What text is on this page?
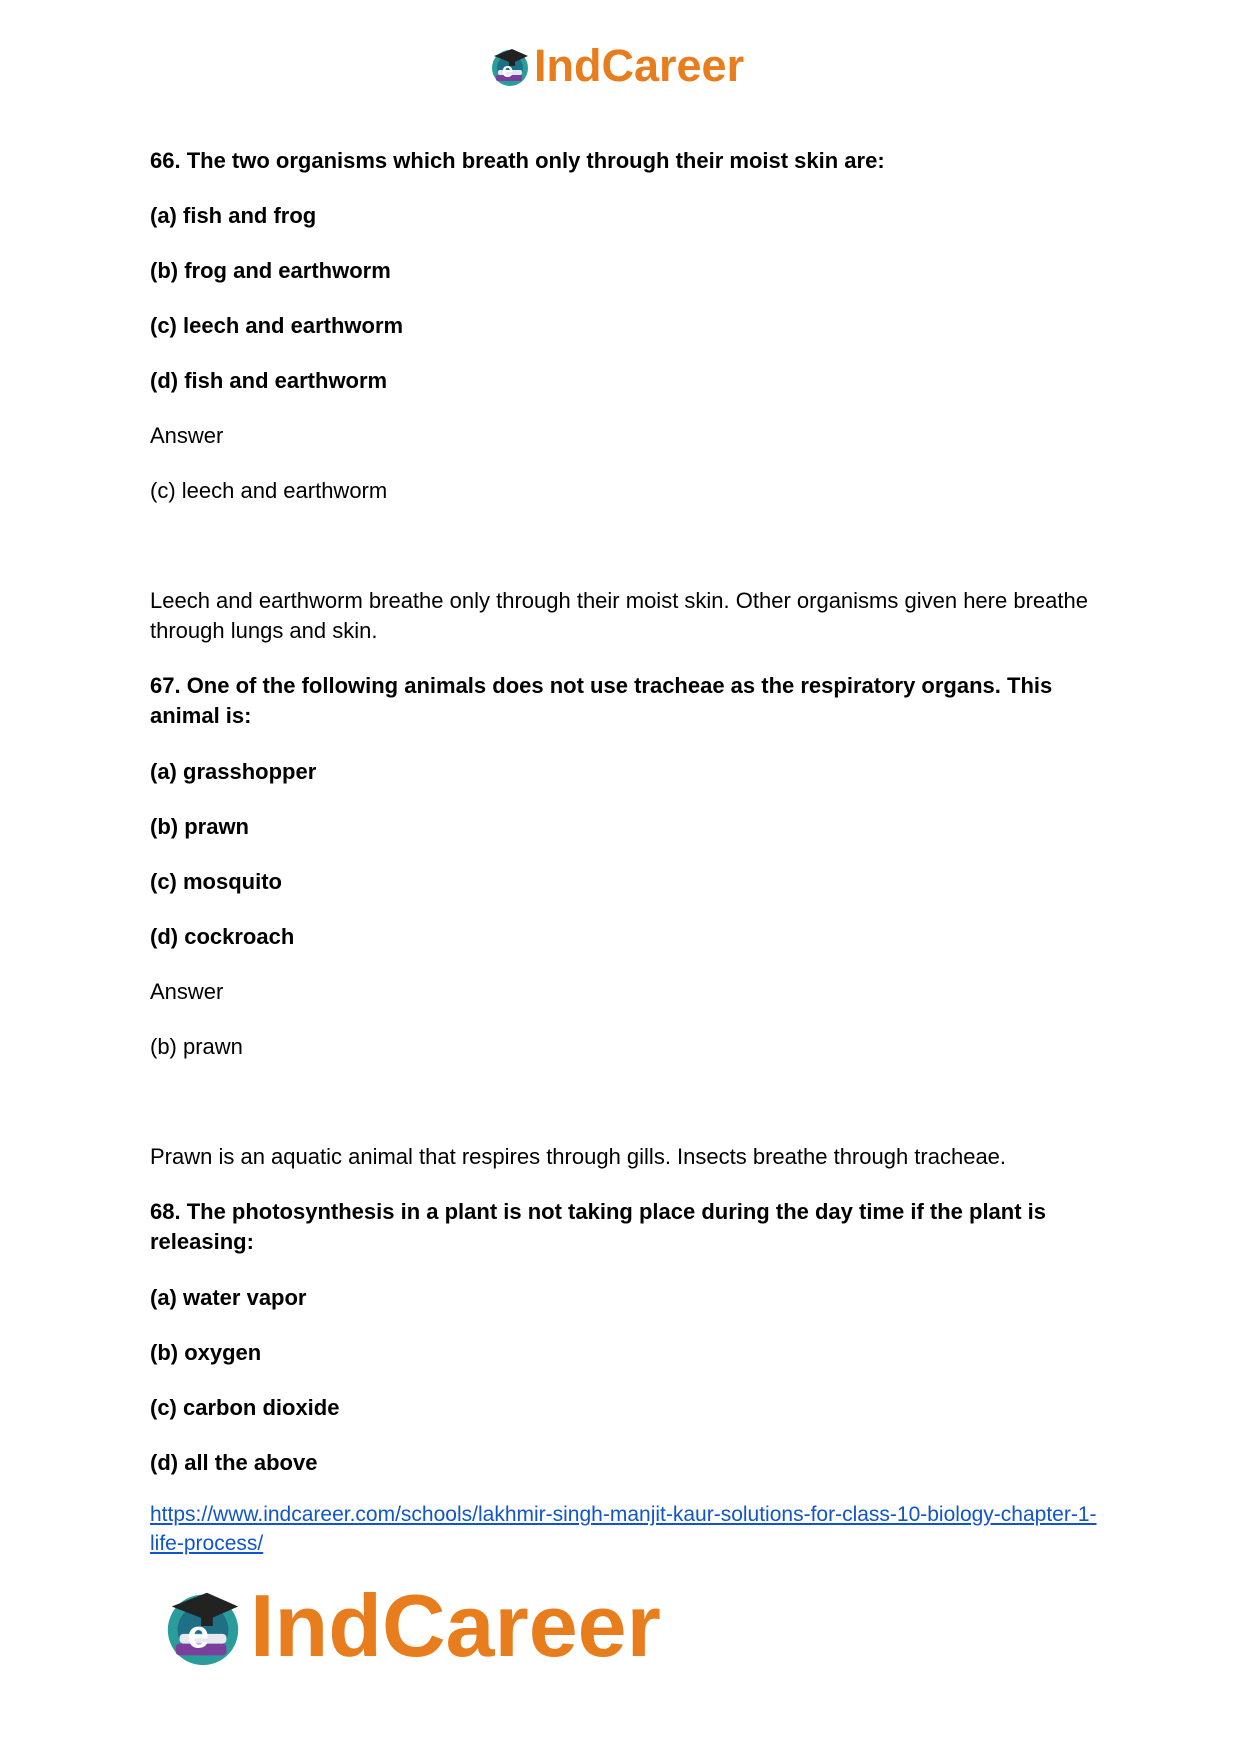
e IndCareer
66. The two organisms which breath only through their moist skin are:
(a) fish and frog
(b) frog and earthworm
(c) leech and earthworm
(d) fish and earthworm
Answer
(c) leech and earthworm
Leech and earthworm breathe only through their moist skin. Other organisms given here breathe through lungs and skin.
67. One of the following animals does not use tracheae as the respiratory organs. This animal is:
(a) grasshopper
(b) prawn
(c) mosquito
(d) cockroach
Answer
(b) prawn
Prawn is an aquatic animal that respires through gills. Insects breathe through tracheae.
68. The photosynthesis in a plant is not taking place during the day time if the plant is releasing:
(a) water vapor
(b) oxygen
(c) carbon dioxide
(d) all the above
https://www.indcareer.com/schools/lakhmir-singh-manjit-kaur-solutions-for-class-10-biology-chapter-1-life-process/
e IndCareer
